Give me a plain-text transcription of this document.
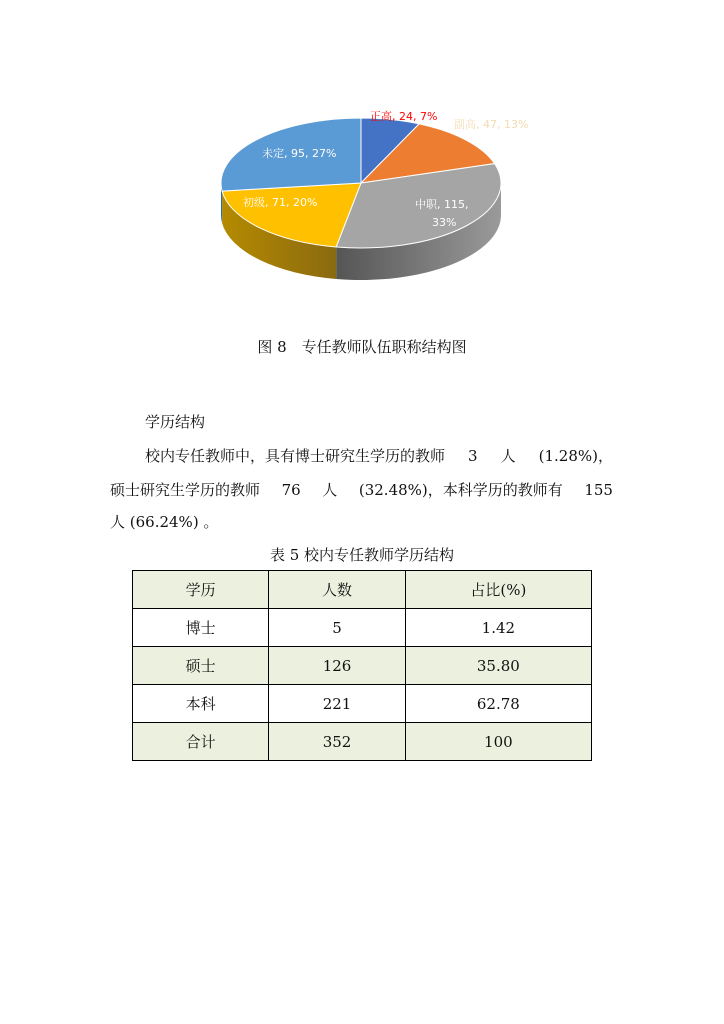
正高, 24, 7%
副高, 47, 13%
中职, 115,
33%
初级, 71, 20%
未定, 95, 27%
图 8　专任教师队伍职称结构图
学历结构
校内专任教师中，具有博士研究生学历的教师 3 人 (1.28%)，
硕士研究生学历的教师 76 人 (32.48%)，本科学历的教师有 155
人 (66.24%) 。
表 5 校内专任教师学历结构
学历	人数	占比(%)
博士	5	1.42
硕士	126	35.80
本科	221	62.78
合计	352	100
